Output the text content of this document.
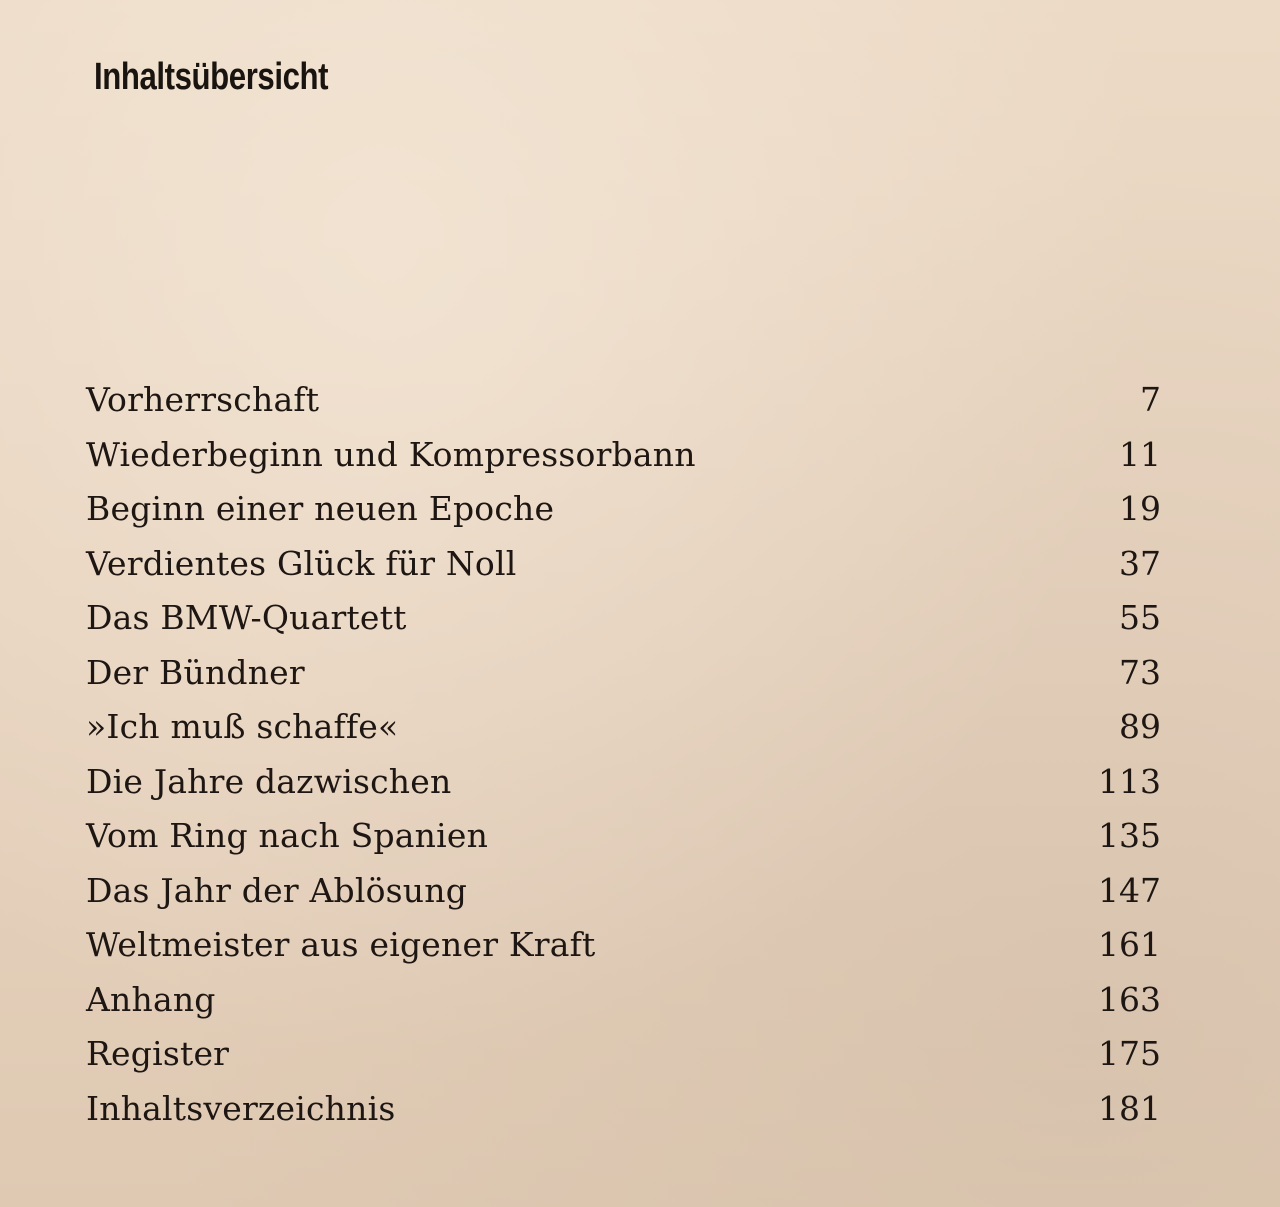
Inhaltsübersicht
Vorherrschaft	7
Wiederbeginn und Kompressorbann	11
Beginn einer neuen Epoche	19
Verdientes Glück für Noll	37
Das BMW-Quartett	55
Der Bündner	73
»Ich muß schaffe«	89
Die Jahre dazwischen	113
Vom Ring nach Spanien	135
Das Jahr der Ablösung	147
Weltmeister aus eigener Kraft	161
Anhang	163
Register	175
Inhaltsverzeichnis	181
